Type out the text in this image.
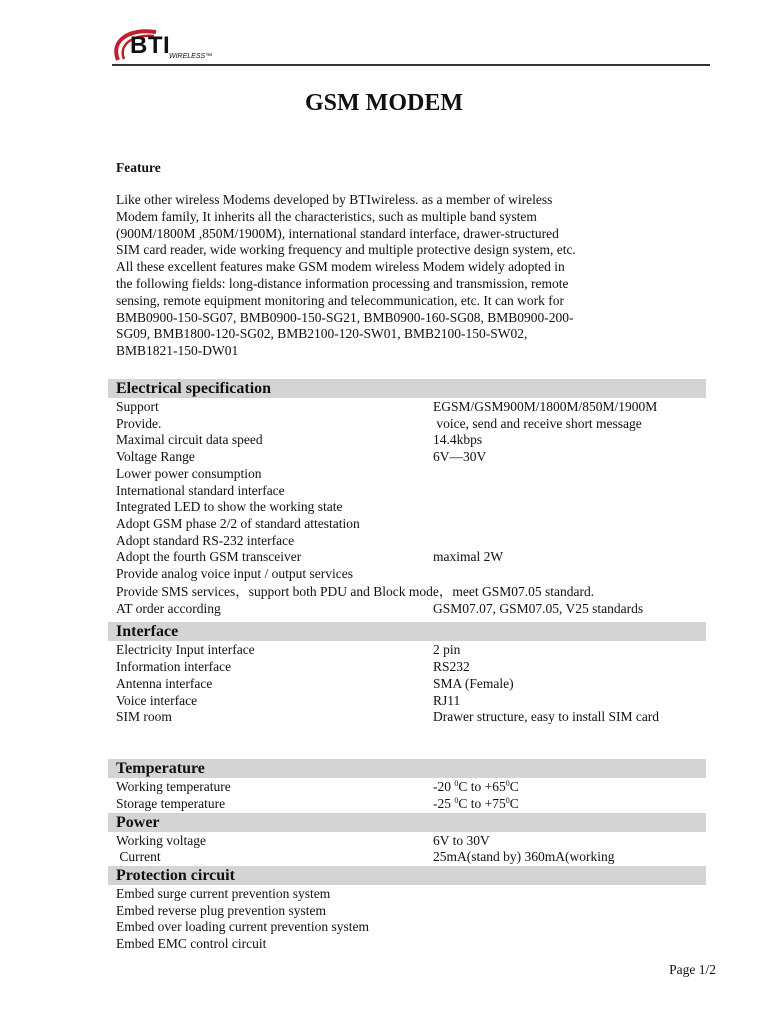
BTI
WIRELESS™
GSM MODEM
Feature
Like other wireless Modems developed by BTIwireless. as a member of wireless
Modem family, It inherits all the characteristics, such as multiple band system
(900M/1800M ,850M/1900M), international standard interface, drawer-structured
SIM card reader, wide working frequency and multiple protective design system, etc.
All these excellent features make GSM modem wireless Modem widely adopted in
the following fields: long-distance information processing and transmission, remote
sensing, remote equipment monitoring and telecommunication, etc. It can work for
BMB0900-150-SG07, BMB0900-150-SG21, BMB0900-160-SG08, BMB0900-200-
SG09, BMB1800-120-SG02, BMB2100-120-SW01, BMB2100-150-SW02,
BMB1821-150-DW01
Electrical specification
Support	EGSM/GSM900M/1800M/850M/1900M
Provide.	voice, send and receive short message
Maximal circuit data speed	14.4kbps
Voltage Range	6V—30V
Lower power consumption
International standard interface
Integrated LED to show the working state
Adopt GSM phase 2/2 of standard attestation
Adopt standard RS-232 interface
Adopt the fourth GSM transceiver	maximal 2W
Provide analog voice input / output services
Provide SMS services，support both PDU and Block mode，meet GSM07.05 standard.
AT order according	GSM07.07, GSM07.05, V25 standards
Interface
Electricity Input interface	2 pin
Information interface	RS232
Antenna interface	SMA (Female)
Voice interface	RJ11
SIM room	Drawer structure, easy to install SIM card
Temperature
Working temperature	-20 $^0$C to $+65^0C$
Storage temperature	-25 $^0$C to $+75^0C$
Power
Working voltage	6V to 30V
Current	25mA(stand by) 360mA(working
Protection circuit
Embed surge current prevention system
Embed reverse plug prevention system
Embed over loading current prevention system
Embed EMC control circuit
Page 1/2
